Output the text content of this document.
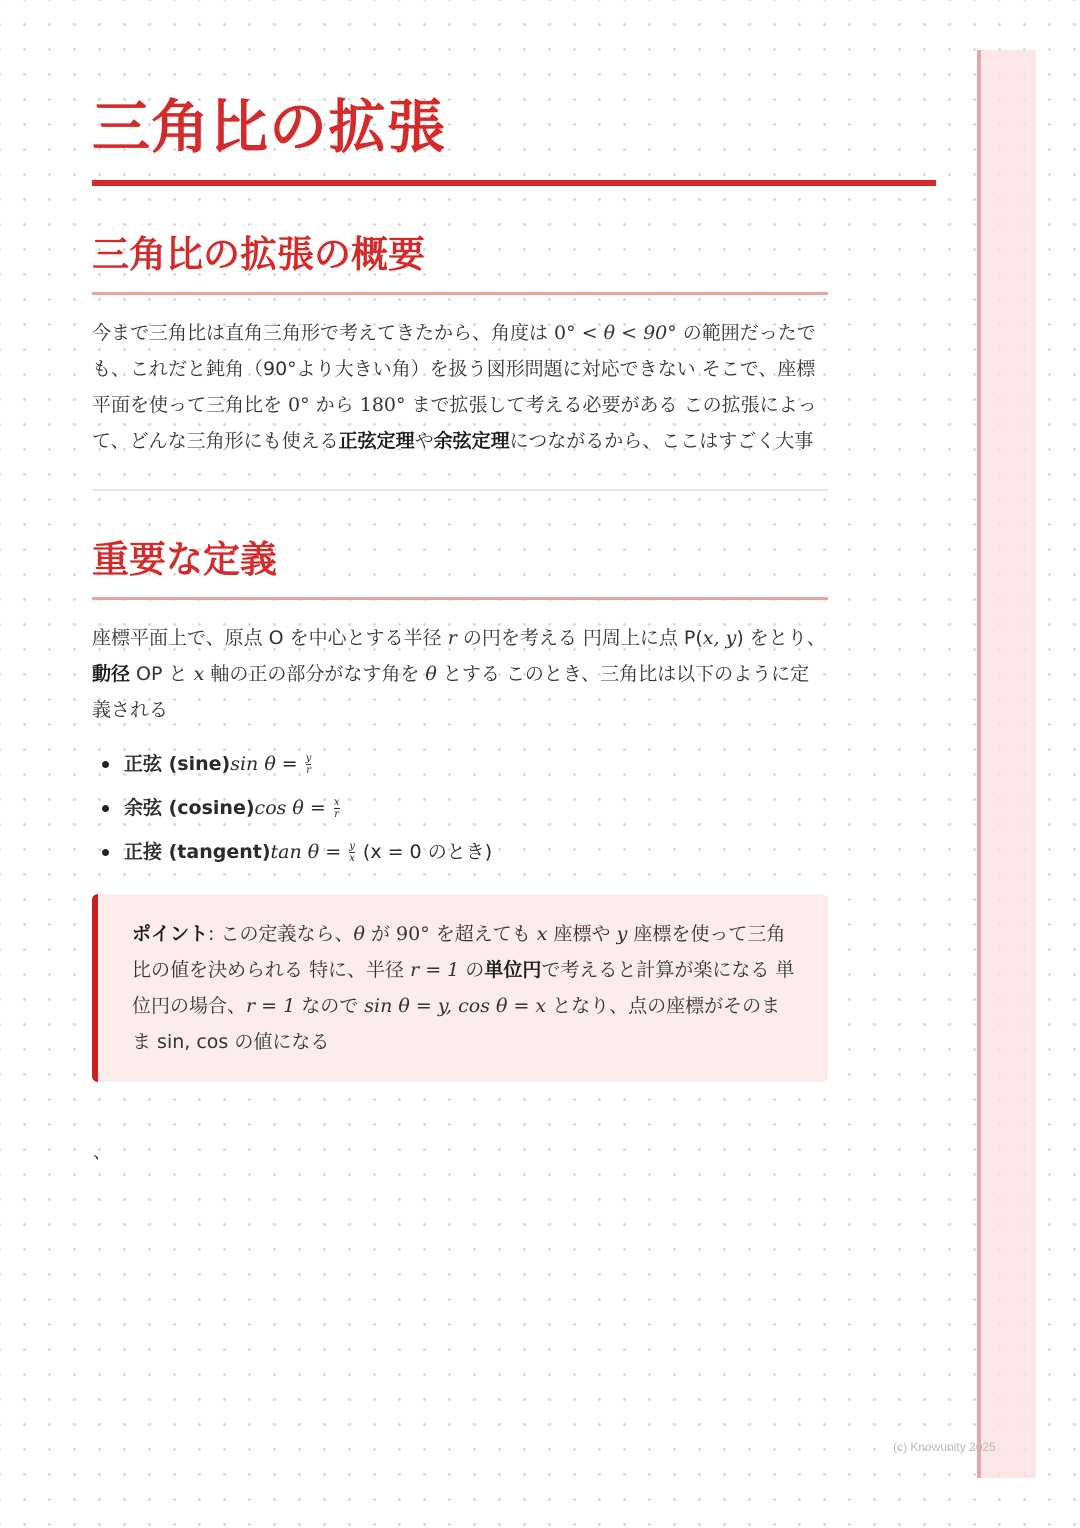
三角比の拡張
三角比の拡張の概要

今まで三角比は直角三角形で考えてきたから、角度は 0° < θ < 90° の範囲だったでも、これだと鈍角（90°より大きい角）を扱う図形問題に対応できない そこで、座標平面を使って三角比を 0° から 180° まで拡張して考える必要がある この拡張によって、どんな三角形にも使える正弦定理や余弦定理につながるから、ここはすごく大事

重要な定義

座標平面上で、原点 O を中心とする半径 r の円を考える 円周上に点 P(x, y) をとり、動径 OP と x 軸の正の部分がなす角を θ とする このとき、三角比は以下のように定義される

正弦 (sine)sin $\theta = \frac{y}{r}$
余弦 (cosine)cos $\theta = \frac{x}{r}$
正接 (tangent)tan $\theta = \frac{y}{x} (x = 0$ のとき)

ポイント: この定義なら、θ が 90° を超えても x 座標や y 座標を使って三角比の値を決められる 特に、半径 r = 1 の単位円で考えると計算が楽になる 単位円の場合、r = 1 なので sin θ = y, cos θ = x となり、点の座標がそのまま sin, cos の値になる

、
(c) Knowunity 2025
